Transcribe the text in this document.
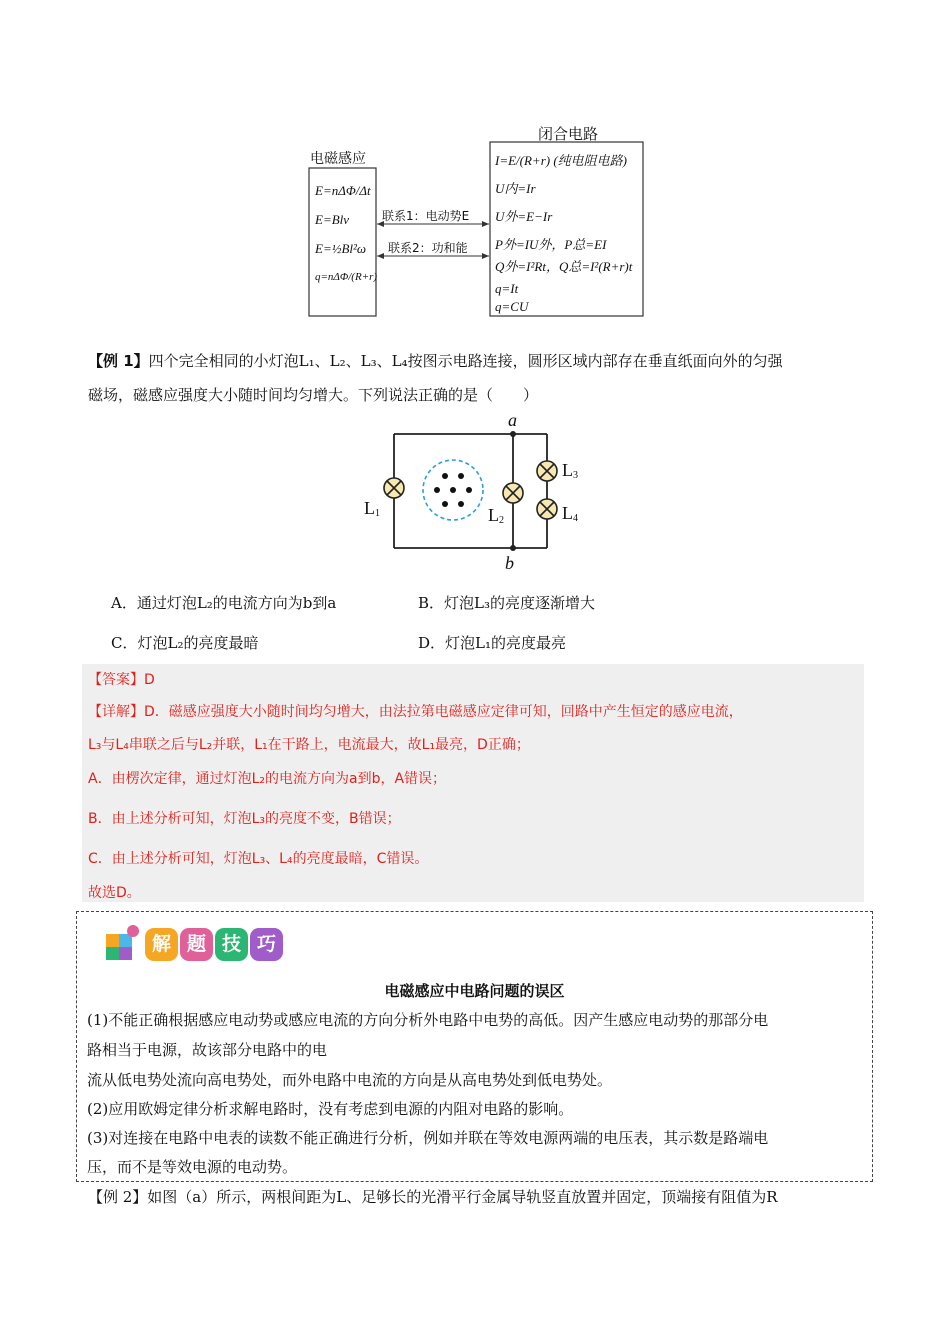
电磁感应
闭合电路
E=nΔΦ/Δt
E=Blv
E=½Bl²ω
q=nΔΦ/(R+r)
联系1：电动势E
联系2：功和能
I=E/(R+r) (纯电阻电路)
U内=Ir
U外=E−Ir
P外=IU外，P总=EI
Q外=I²Rt，Q总=I²(R+r)t
q=It
q=CU
【例 1】四个完全相同的小灯泡L₁、L₂、L₃、L₄按图示电路连接，圆形区域内部存在垂直纸面向外的匀强
磁场，磁感应强度大小随时间均匀增大。下列说法正确的是（　　）
a
b
$L_1$	$L_2$
$L_3$
$L_4$
A．通过灯泡L₂的电流方向为b到a	B．灯泡L₃的亮度逐渐增大
C．灯泡L₂的亮度最暗	D．灯泡L₁的亮度最亮
【答案】D
【详解】D．磁感应强度大小随时间均匀增大，由法拉第电磁感应定律可知，回路中产生恒定的感应电流，
L₃与L₄串联之后与L₂并联，L₁在干路上，电流最大，故L₁最亮，D正确；
A．由楞次定律，通过灯泡L₂的电流方向为a到b，A错误；
B．由上述分析可知，灯泡L₃的亮度不变，B错误；
C．由上述分析可知，灯泡L₃、L₄的亮度最暗，C错误。
故选D。
解 题 技 巧
电磁感应中电路问题的误区
(1)不能正确根据感应电动势或感应电流的方向分析外电路中电势的高低。因产生感应电动势的那部分电
路相当于电源，故该部分电路中的电
流从低电势处流向高电势处，而外电路中电流的方向是从高电势处到低电势处。
(2)应用欧姆定律分析求解电路时，没有考虑到电源的内阻对电路的影响。
(3)对连接在电路中电表的读数不能正确进行分析，例如并联在等效电源两端的电压表，其示数是路端电
压，而不是等效电源的电动势。
【例 2】如图（a）所示，两根间距为L、足够长的光滑平行金属导轨竖直放置并固定，顶端接有阻值为R
